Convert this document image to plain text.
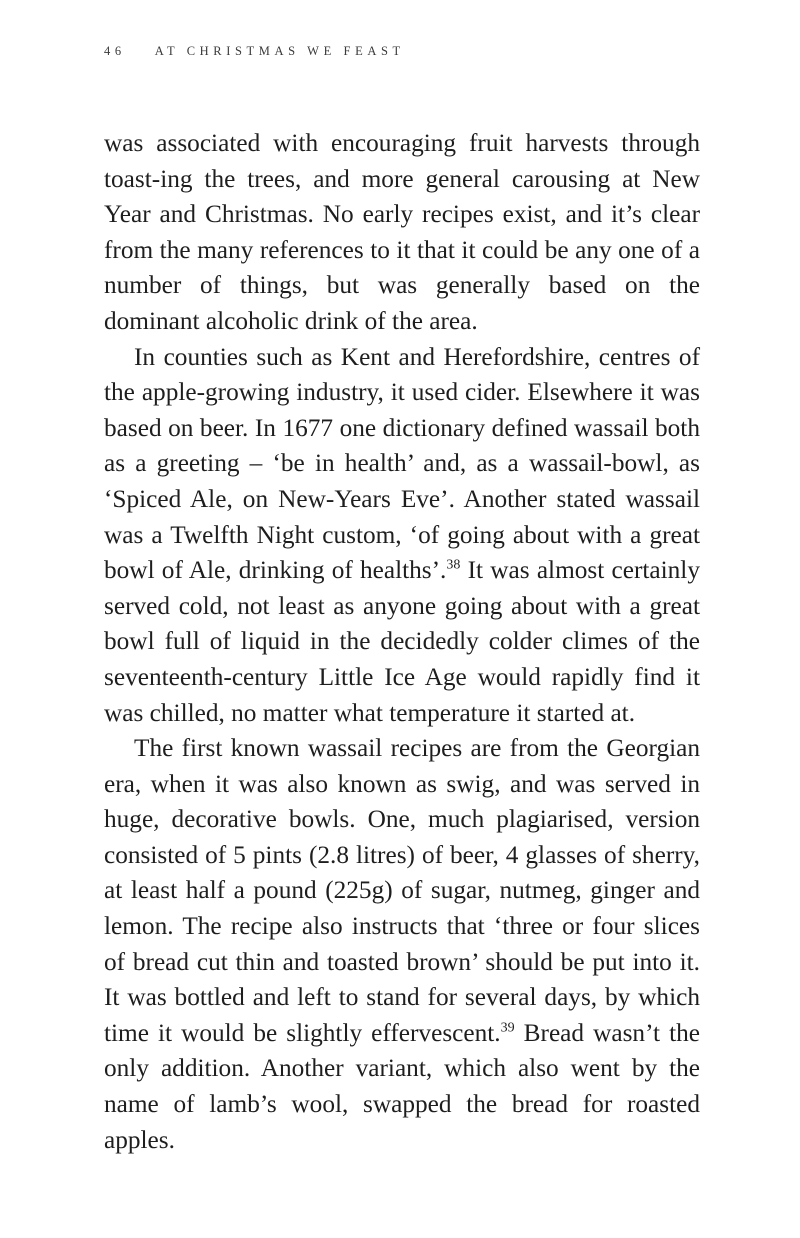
46 AT CHRISTMAS WE FEAST

was associated with encouraging fruit harvests through toast-ing the trees, and more general carousing at New Year and Christmas. No early recipes exist, and it’s clear from the many references to it that it could be any one of a number of things, but was generally based on the dominant alcoholic drink of the area.

In counties such as Kent and Herefordshire, centres of the apple-growing industry, it used cider. Elsewhere it was based on beer. In 1677 one dictionary defined wassail both as a greeting – ‘be in health’ and, as a wassail-bowl, as ‘Spiced Ale, on New-Years Eve’. Another stated wassail was a Twelfth Night custom, ‘of going about with a great bowl of Ale, drinking of healths’.$^{38}$ It was almost certainly served cold, not least as anyone going about with a great bowl full of liquid in the decidedly colder climes of the seventeenth-century Little Ice Age would rapidly find it was chilled, no matter what temperature it started at.

The first known wassail recipes are from the Georgian era, when it was also known as swig, and was served in huge, decorative bowls. One, much plagiarised, version consisted of 5 pints (2.8 litres) of beer, 4 glasses of sherry, at least half a pound (225g) of sugar, nutmeg, ginger and lemon. The recipe also instructs that ‘three or four slices of bread cut thin and toasted brown’ should be put into it. It was bottled and left to stand for several days, by which time it would be slightly effervescent.$^{39}$ Bread wasn’t the only addition. Another variant, which also went by the name of lamb’s wool, swapped the bread for roasted apples.
